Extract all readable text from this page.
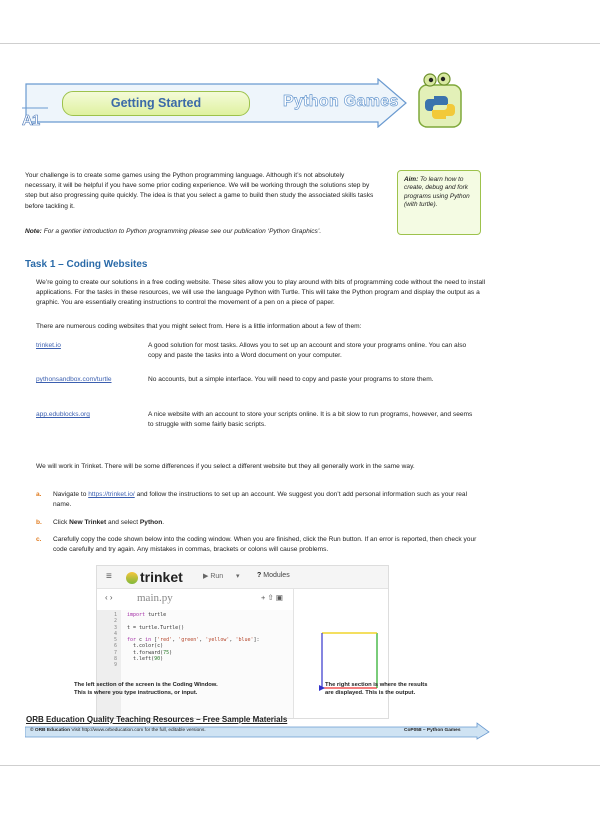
A1
Getting Started	Python Games

Your challenge is to create some games using the Python programming language. Although it’s not absolutely necessary, it will be helpful if you have some prior coding experience. We will be working through the solutions step by step but also progressing quite quickly. The idea is that you select a game to build then study the associated skills tasks before tackling it.

Aim: To learn how to create, debug and fork programs using Python (with turtle).

Note: For a gentler introduction to Python programming please see our publication ‘Python Graphics’.

Task 1 – Coding Websites

We’re going to create our solutions in a free coding website. These sites allow you to play around with bits of programming code without the need to install applications. For the tasks in these resources, we will use the language Python with Turtle. This will take the Python program and display the output as a graphic. You are essentially creating instructions to control the movement of a pen on a piece of paper.

There are numerous coding websites that you might select from. Here is a little information about a few of them:

trinket.io	A good solution for most tasks. Allows you to set up an account and store your programs online. You can also copy and paste the tasks into a Word document on your computer.
pythonsandbox.com/turtle	No accounts, but a simple interface. You will need to copy and paste your programs to store them.
app.edublocks.org	A nice website with an account to store your scripts online. It is a bit slow to run programs, however, and seems to struggle with some fairly basic scripts.

We will work in Trinket. There will be some differences if you select a different website but they all generally work in the same way.

a. Navigate to https://trinket.io/ and follow the instructions to set up an account. We suggest you don’t add personal information such as your real name.
b. Click New Trinket and select Python.
c. Carefully copy the code shown below into the coding window. When you are finished, click the Run button. If an error is reported, then check your code carefully and try again. Any mistakes in commas, brackets or colons will cause problems.
≡ trinket	▶ Run ▾ ? Modules
‹ › main.py	+ ⇧ ▣
1
2
3
4
5
6
7
8
9
import turtle

t = turtle.Turtle()

for c in ['red', 'green', 'yellow', 'blue']:
t.color(c)
t.forward(75)
t.left(90)

The left section of the screen is the Coding Window.
This is where you type instructions, or input.
The right section is where the results
are displayed. This is the output.
ORB Education Quality Teaching Resources – Free Sample Materials
© ORB Education Visit http://www.orbeducation.com for the full, editable versions.	CoP058 – Python Games
